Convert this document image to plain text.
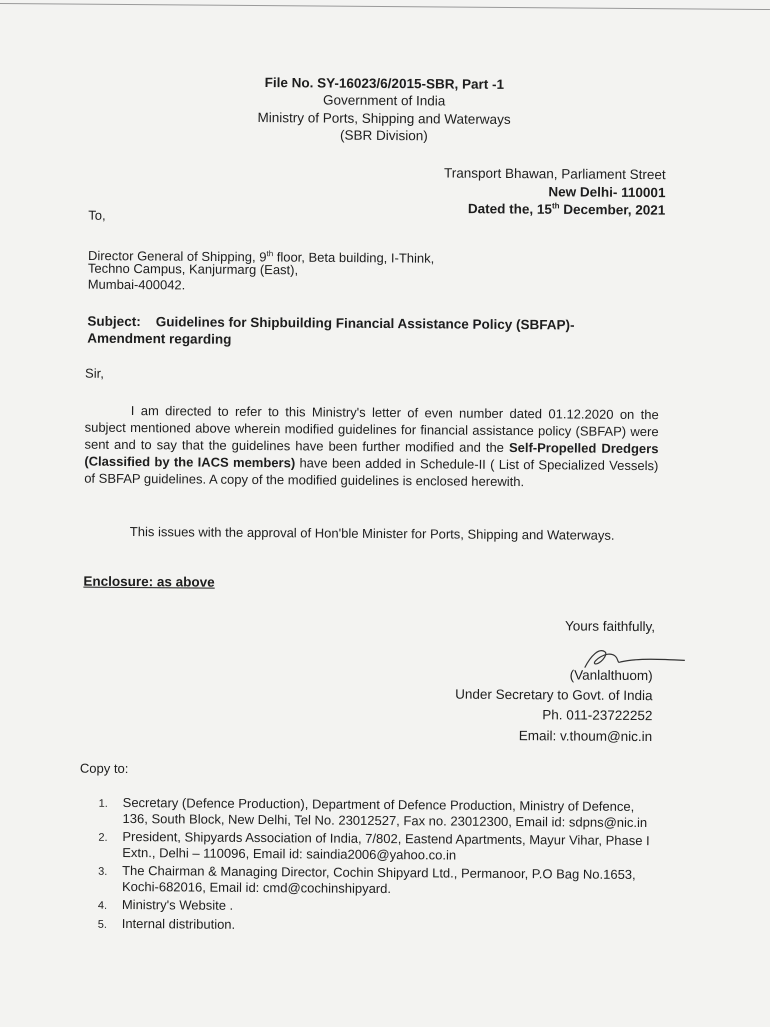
File No. SY-16023/6/2015-SBR, Part -1
Government of India
Ministry of Ports, Shipping and Waterways
(SBR Division)
Transport Bhawan, Parliament Street
New Delhi- 110001
Dated the, 15th December, 2021
To,
Director General of Shipping, 9th floor, Beta building, I-Think,
Techno Campus, Kanjurmarg (East),
Mumbai-400042.
Subject: Guidelines for Shipbuilding Financial Assistance Policy (SBFAP)-
Amendment regarding
Sir,
I am directed to refer to this Ministry's letter of even number dated 01.12.2020 on the subject mentioned above wherein modified guidelines for financial assistance policy (SBFAP) were sent and to say that the guidelines have been further modified and the Self-Propelled Dredgers (Classified by the IACS members) have been added in Schedule-II ( List of Specialized Vessels) of SBFAP guidelines. A copy of the modified guidelines is enclosed herewith.
This issues with the approval of Hon'ble Minister for Ports, Shipping and Waterways.
Enclosure: as above
Yours faithfully,
(Vanlalthuom)
Under Secretary to Govt. of India
Ph. 011-23722252
Email: v.thoum@nic.in
Copy to:
1.	Secretary (Defence Production), Department of Defence Production, Ministry of Defence, 136, South Block, New Delhi, Tel No. 23012527, Fax no. 23012300, Email id: sdpns@nic.in
2.	President, Shipyards Association of India, 7/802, Eastend Apartments, Mayur Vihar, Phase I Extn., Delhi – 110096, Email id: saindia2006@yahoo.co.in
3.	The Chairman & Managing Director, Cochin Shipyard Ltd., Permanoor, P.O Bag No.1653, Kochi-682016, Email id: cmd@cochinshipyard.
4.	Ministry's Website .
5.	Internal distribution.
